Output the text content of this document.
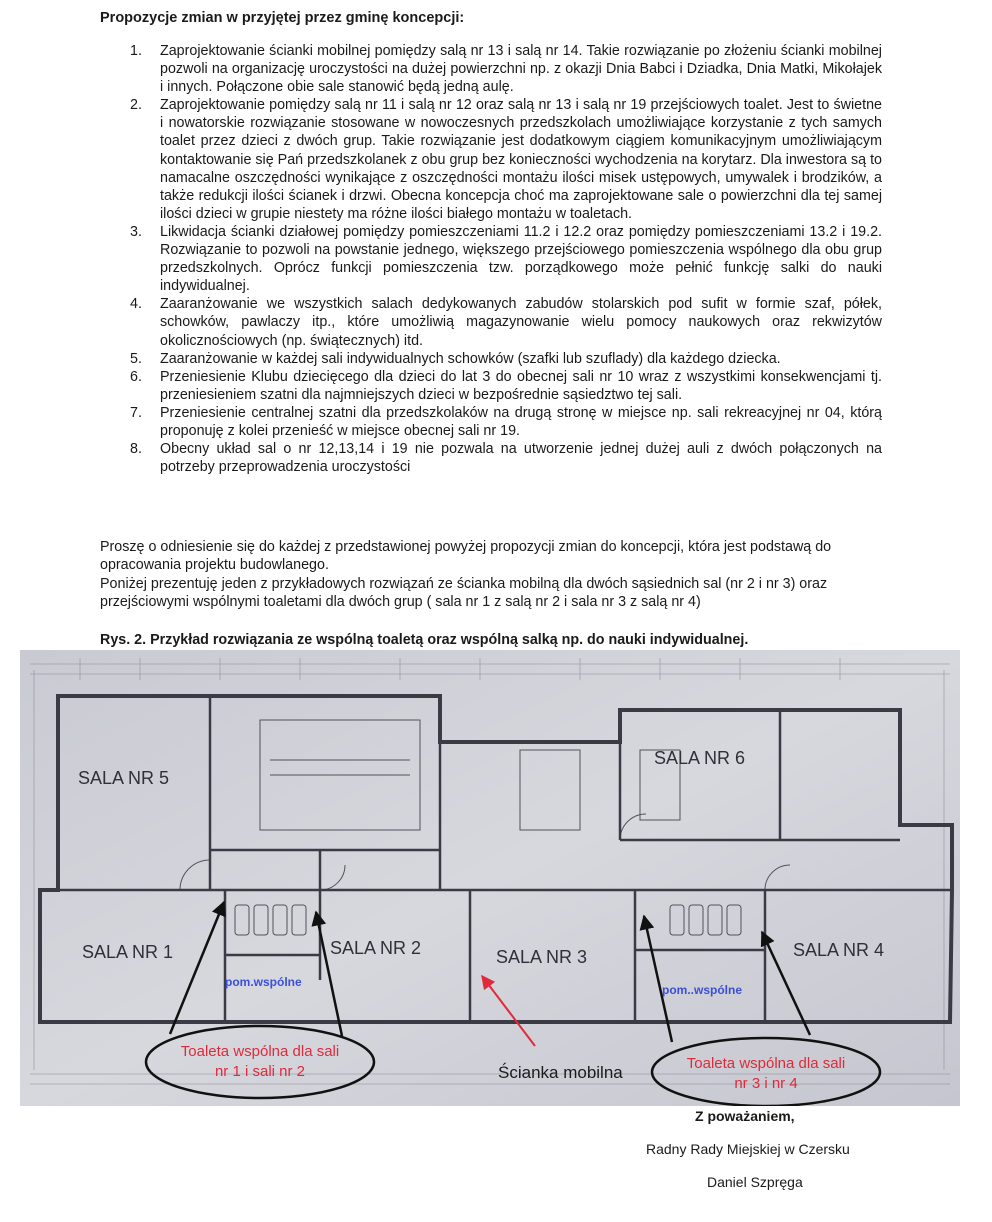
Propozycje zmian w przyjętej przez gminę koncepcji:
1. Zaprojektowanie ścianki mobilnej pomiędzy salą nr 13 i salą nr 14. Takie rozwiązanie po złożeniu ścianki mobilnej pozwoli na organizację uroczystości na dużej powierzchni np. z okazji Dnia Babci i Dziadka, Dnia Matki, Mikołajek i innych. Połączone obie sale stanowić będą jedną aulę.
2. Zaprojektowanie pomiędzy salą nr 11 i salą nr 12 oraz salą nr 13 i salą nr 19 przejściowych toalet. Jest to świetne i nowatorskie rozwiązanie stosowane w nowoczesnych przedszkolach umożliwiające korzystanie z tych samych toalet przez dzieci z dwóch grup. Takie rozwiązanie jest dodatkowym ciągiem komunikacyjnym umożliwiającym kontaktowanie się Pań przedszkolanek z obu grup bez konieczności wychodzenia na korytarz. Dla inwestora są to namacalne oszczędności wynikające z oszczędności montażu ilości misek ustępowych, umywalek i brodzików, a także redukcji ilości ścianek i drzwi. Obecna koncepcja choć ma zaprojektowane sale o powierzchni dla tej samej ilości dzieci w grupie niestety ma różne ilości białego montażu w toaletach.
3. Likwidacja ścianki działowej pomiędzy pomieszczeniami 11.2 i 12.2 oraz pomiędzy pomieszczeniami 13.2 i 19.2. Rozwiązanie to pozwoli na powstanie jednego, większego przejściowego pomieszczenia wspólnego dla obu grup przedszkolnych. Oprócz funkcji pomieszczenia tzw. porządkowego może pełnić funkcję salki do nauki indywidualnej.
4. Zaaranżowanie we wszystkich salach dedykowanych zabudów stolarskich pod sufit w formie szaf, półek, schowków, pawlaczy itp., które umożliwią magazynowanie wielu pomocy naukowych oraz rekwizytów okolicznościowych (np. świątecznych) itd.
5. Zaaranżowanie w każdej sali indywidualnych schowków (szafki lub szuflady) dla każdego dziecka.
6. Przeniesienie Klubu dziecięcego dla dzieci do lat 3 do obecnej sali nr 10 wraz z wszystkimi konsekwencjami tj. przeniesieniem szatni dla najmniejszych dzieci w bezpośrednie sąsiedztwo tej sali.
7. Przeniesienie centralnej szatni dla przedszkolaków na drugą stronę w miejsce np. sali rekreacyjnej nr 04, którą proponuję z kolei przenieść w miejsce obecnej sali nr 19.
8. Obecny układ sal o nr 12,13,14 i 19 nie pozwala na utworzenie jednej dużej auli z dwóch połączonych na potrzeby przeprowadzenia uroczystości
Proszę o odniesienie się do każdej z przedstawionej powyżej propozycji zmian do koncepcji, która jest podstawą do opracowania projektu budowlanego.
Poniżej prezentuję jeden z przykładowych rozwiązań ze ścianka mobilną dla dwóch sąsiednich sal (nr 2 i nr 3) oraz przejściowymi wspólnymi toaletami dla dwóch grup ( sala nr 1 z salą nr 2 i sala nr 3 z salą nr 4)
Rys. 2. Przykład rozwiązania ze wspólną toaletą oraz wspólną salką np. do nauki indywidualnej.
SALA NR 5
SALA NR 6
SALA NR 1	SALA NR 2	SALA NR 3	SALA NR 4
pom.wspólne
pom..wspólne
Toaleta wspólna dla sali
nr 1 i sali nr 2	Toaleta wspólna dla sali
nr 3 i nr 4
Ścianka mobilna
Z poważaniem,
Radny Rady Miejskiej w Czersku
Daniel Szpręga
